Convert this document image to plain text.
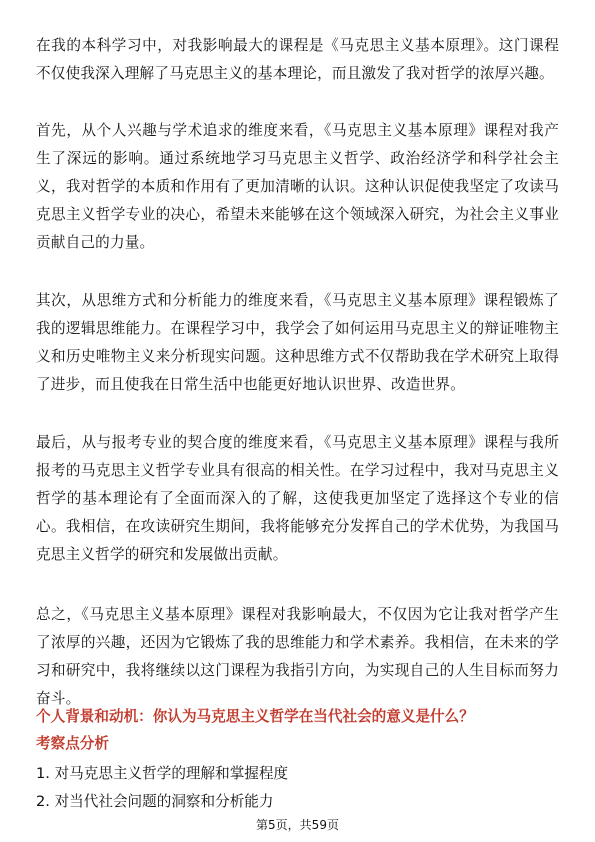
在我的本科学习中，对我影响最大的课程是《马克思主义基本原理》。这门课程不仅使我深入理解了马克思主义的基本理论，而且激发了我对哲学的浓厚兴趣。

首先，从个人兴趣与学术追求的维度来看，《马克思主义基本原理》课程对我产生了深远的影响。通过系统地学习马克思主义哲学、政治经济学和科学社会主义，我对哲学的本质和作用有了更加清晰的认识。这种认识促使我坚定了攻读马克思主义哲学专业的决心，希望未来能够在这个领域深入研究，为社会主义事业贡献自己的力量。

其次，从思维方式和分析能力的维度来看，《马克思主义基本原理》课程锻炼了我的逻辑思维能力。在课程学习中，我学会了如何运用马克思主义的辩证唯物主义和历史唯物主义来分析现实问题。这种思维方式不仅帮助我在学术研究上取得了进步，而且使我在日常生活中也能更好地认识世界、改造世界。

最后，从与报考专业的契合度的维度来看，《马克思主义基本原理》课程与我所报考的马克思主义哲学专业具有很高的相关性。在学习过程中，我对马克思主义哲学的基本理论有了全面而深入的了解，这使我更加坚定了选择这个专业的信心。我相信，在攻读研究生期间，我将能够充分发挥自己的学术优势，为我国马克思主义哲学的研究和发展做出贡献。

总之，《马克思主义基本原理》课程对我影响最大，不仅因为它让我对哲学产生了浓厚的兴趣，还因为它锻炼了我的思维能力和学术素养。我相信，在未来的学习和研究中，我将继续以这门课程为我指引方向，为实现自己的人生目标而努力奋斗。

个人背景和动机：你认为马克思主义哲学在当代社会的意义是什么？

考察点分析

1. 对马克思主义哲学的理解和掌握程度

2. 对当代社会问题的洞察和分析能力

第5页，共59页
